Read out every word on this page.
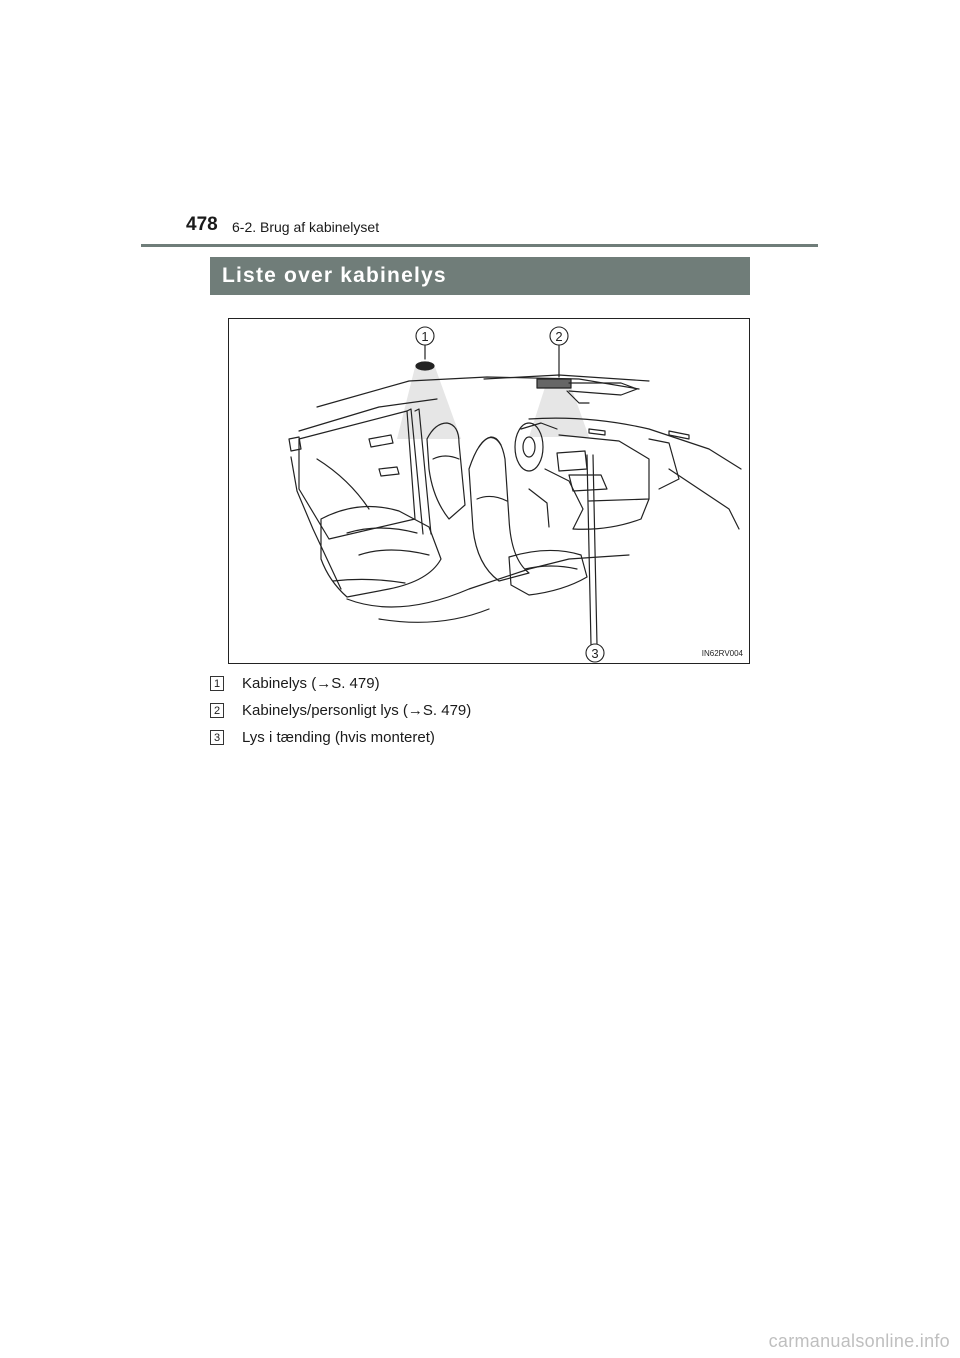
478 6-2. Brug af kabinelyset
Liste over kabinelys
1	2
3	IN62RV004
1 Kabinelys (→S. 479)
2 Kabinelys/personligt lys (→S. 479)
3 Lys i tænding (hvis monteret)
carmanualsonline.info
